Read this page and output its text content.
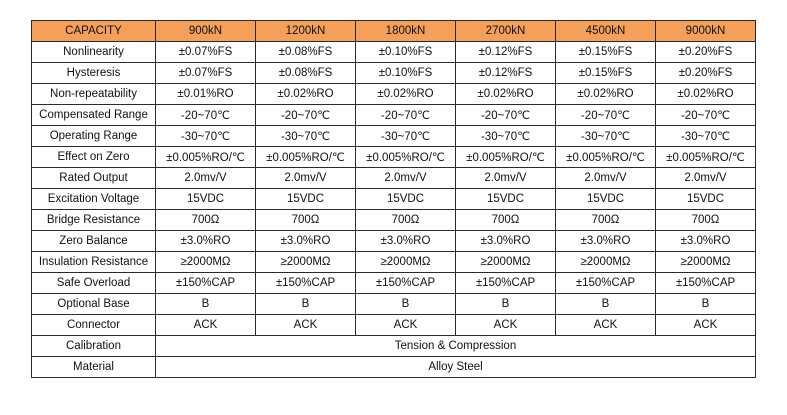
CAPACITY	900kN	1200kN	1800kN	2700kN	4500kN	9000kN
Nonlinearity	±0.07%FS	±0.08%FS	±0.10%FS	±0.12%FS	±0.15%FS	±0.20%FS
Hysteresis	±0.07%FS	±0.08%FS	±0.10%FS	±0.12%FS	±0.15%FS	±0.20%FS
Non-repeatability	±0.01%RO	±0.02%RO	±0.02%RO	±0.02%RO	±0.02%RO	±0.02%RO
Compensated Range	-20~70℃	-20~70℃	-20~70℃	-20~70℃	-20~70℃	-20~70℃
Operating Range	-30~70℃	-30~70℃	-30~70℃	-30~70℃	-30~70℃	-30~70℃
Effect on Zero	±0.005%RO/℃	±0.005%RO/℃	±0.005%RO/℃	±0.005%RO/℃	±0.005%RO/℃	±0.005%RO/℃
Rated Output	2.0mv/V	2.0mv/V	2.0mv/V	2.0mv/V	2.0mv/V	2.0mv/V
Excitation Voltage	15VDC	15VDC	15VDC	15VDC	15VDC	15VDC
Bridge Resistance	700Ω	700Ω	700Ω	700Ω	700Ω	700Ω
Zero Balance	±3.0%RO	±3.0%RO	±3.0%RO	±3.0%RO	±3.0%RO	±3.0%RO
Insulation Resistance	≥2000MΩ	≥2000MΩ	≥2000MΩ	≥2000MΩ	≥2000MΩ	≥2000MΩ
Safe Overload	±150%CAP	±150%CAP	±150%CAP	±150%CAP	±150%CAP	±150%CAP
Optional Base	B	B	B	B	B	B
Connector	ACK	ACK	ACK	ACK	ACK	ACK
Calibration	Tension & Compression					
Material	Alloy Steel					
